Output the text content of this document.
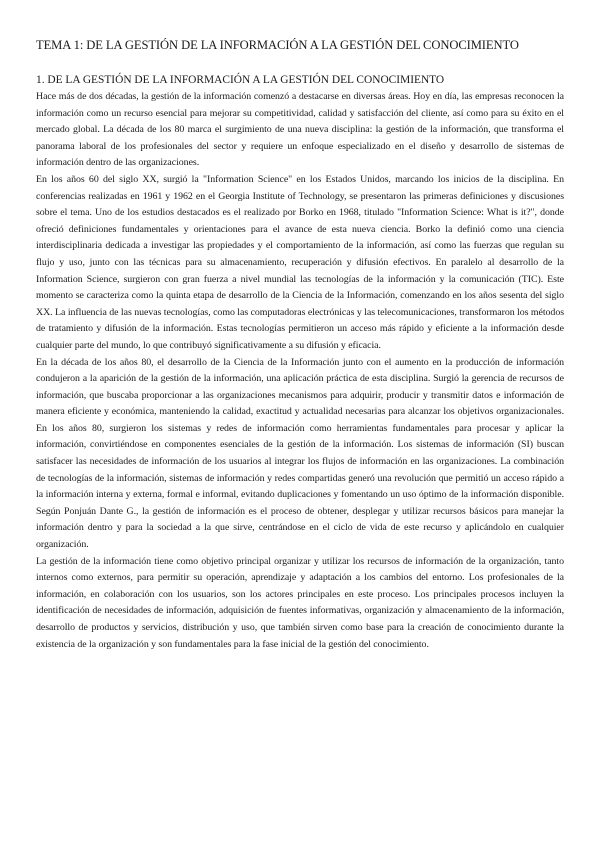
TEMA 1: DE LA GESTIÓN DE LA INFORMACIÓN A LA GESTIÓN DEL CONOCIMIENTO
1. DE LA GESTIÓN DE LA INFORMACIÓN A LA GESTIÓN DEL CONOCIMIENTO

Hace más de dos décadas, la gestión de la información comenzó a destacarse en diversas áreas. Hoy en día, las empresas reconocen la información como un recurso esencial para mejorar su competitividad, calidad y satisfacción del cliente, así como para su éxito en el mercado global. La década de los 80 marca el surgimiento de una nueva disciplina: la gestión de la información, que transforma el panorama laboral de los profesionales del sector y requiere un enfoque especializado en el diseño y desarrollo de sistemas de información dentro de las organizaciones.

En los años 60 del siglo XX, surgió la "Information Science" en los Estados Unidos, marcando los inicios de la disciplina. En conferencias realizadas en 1961 y 1962 en el Georgia Institute of Technology, se presentaron las primeras definiciones y discusiones sobre el tema. Uno de los estudios destacados es el realizado por Borko en 1968, titulado "Information Science: What is it?", donde ofreció definiciones fundamentales y orientaciones para el avance de esta nueva ciencia. Borko la definió como una ciencia interdisciplinaria dedicada a investigar las propiedades y el comportamiento de la información, así como las fuerzas que regulan su flujo y uso, junto con las técnicas para su almacenamiento, recuperación y difusión efectivos. En paralelo al desarrollo de la Information Science, surgieron con gran fuerza a nivel mundial las tecnologías de la información y la comunicación (TIC). Este momento se caracteriza como la quinta etapa de desarrollo de la Ciencia de la Información, comenzando en los años sesenta del siglo XX. La influencia de las nuevas tecnologías, como las computadoras electrónicas y las telecomunicaciones, transformaron los métodos de tratamiento y difusión de la información. Estas tecnologías permitieron un acceso más rápido y eficiente a la información desde cualquier parte del mundo, lo que contribuyó significativamente a su difusión y eficacia.

En la década de los años 80, el desarrollo de la Ciencia de la Información junto con el aumento en la producción de información condujeron a la aparición de la gestión de la información, una aplicación práctica de esta disciplina. Surgió la gerencia de recursos de información, que buscaba proporcionar a las organizaciones mecanismos para adquirir, producir y transmitir datos e información de manera eficiente y económica, manteniendo la calidad, exactitud y actualidad necesarias para alcanzar los objetivos organizacionales. En los años 80, surgieron los sistemas y redes de información como herramientas fundamentales para procesar y aplicar la información, convirtiéndose en componentes esenciales de la gestión de la información. Los sistemas de información (SI) buscan satisfacer las necesidades de información de los usuarios al integrar los flujos de información en las organizaciones. La combinación de tecnologías de la información, sistemas de información y redes compartidas generó una revolución que permitió un acceso rápido a la información interna y externa, formal e informal, evitando duplicaciones y fomentando un uso óptimo de la información disponible. Según Ponjuán Dante G., la gestión de información es el proceso de obtener, desplegar y utilizar recursos básicos para manejar la información dentro y para la sociedad a la que sirve, centrándose en el ciclo de vida de este recurso y aplicándolo en cualquier organización.

La gestión de la información tiene como objetivo principal organizar y utilizar los recursos de información de la organización, tanto internos como externos, para permitir su operación, aprendizaje y adaptación a los cambios del entorno. Los profesionales de la información, en colaboración con los usuarios, son los actores principales en este proceso. Los principales procesos incluyen la identificación de necesidades de información, adquisición de fuentes informativas, organización y almacenamiento de la información, desarrollo de productos y servicios, distribución y uso, que también sirven como base para la creación de conocimiento durante la existencia de la organización y son fundamentales para la fase inicial de la gestión del conocimiento.
